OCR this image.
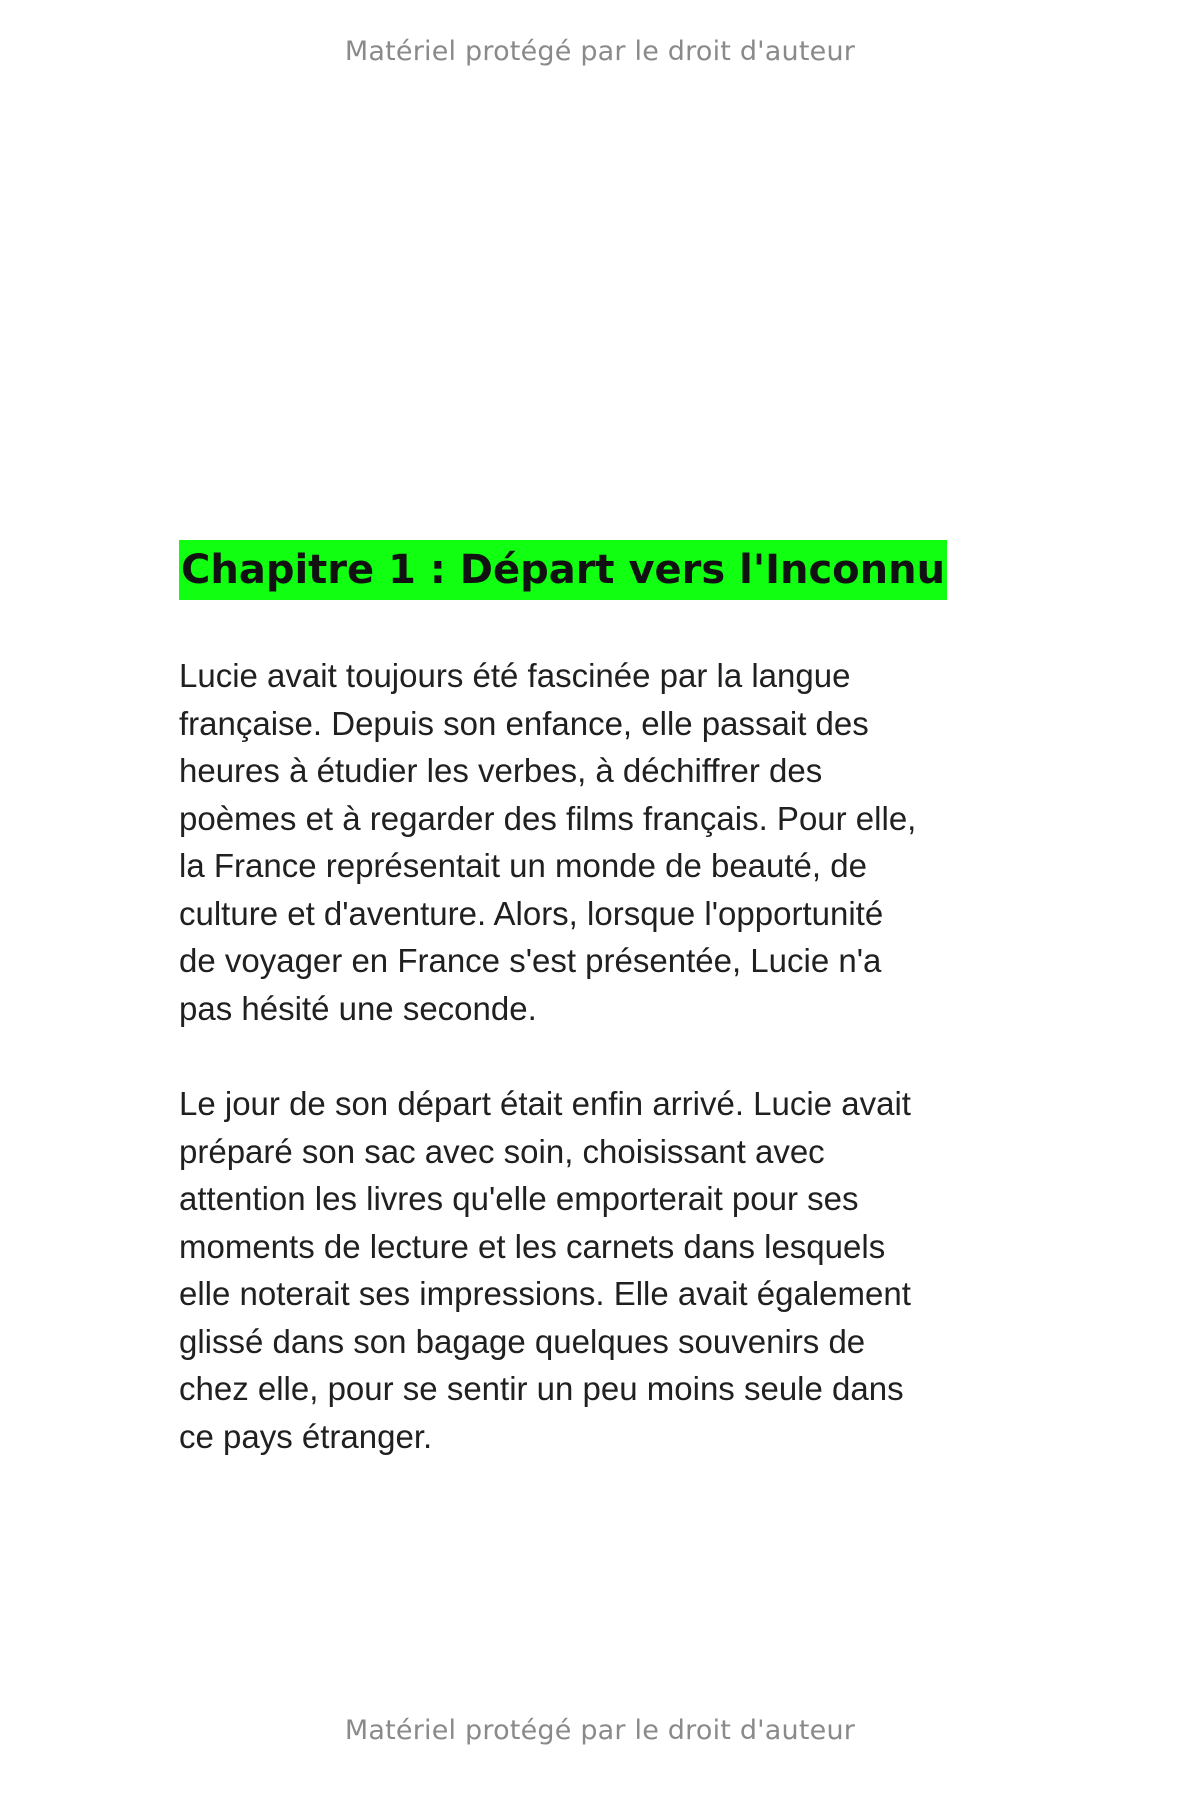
Matériel protégé par le droit d'auteur
Chapitre 1 : Départ vers l'Inconnu
Lucie avait toujours été fascinée par la langue
française. Depuis son enfance, elle passait des
heures à étudier les verbes, à déchiffrer des
poèmes et à regarder des films français. Pour elle,
la France représentait un monde de beauté, de
culture et d'aventure. Alors, lorsque l'opportunité
de voyager en France s'est présentée, Lucie n'a
pas hésité une seconde.
Le jour de son départ était enfin arrivé. Lucie avait
préparé son sac avec soin, choisissant avec
attention les livres qu'elle emporterait pour ses
moments de lecture et les carnets dans lesquels
elle noterait ses impressions. Elle avait également
glissé dans son bagage quelques souvenirs de
chez elle, pour se sentir un peu moins seule dans
ce pays étranger.
Matériel protégé par le droit d'auteur
